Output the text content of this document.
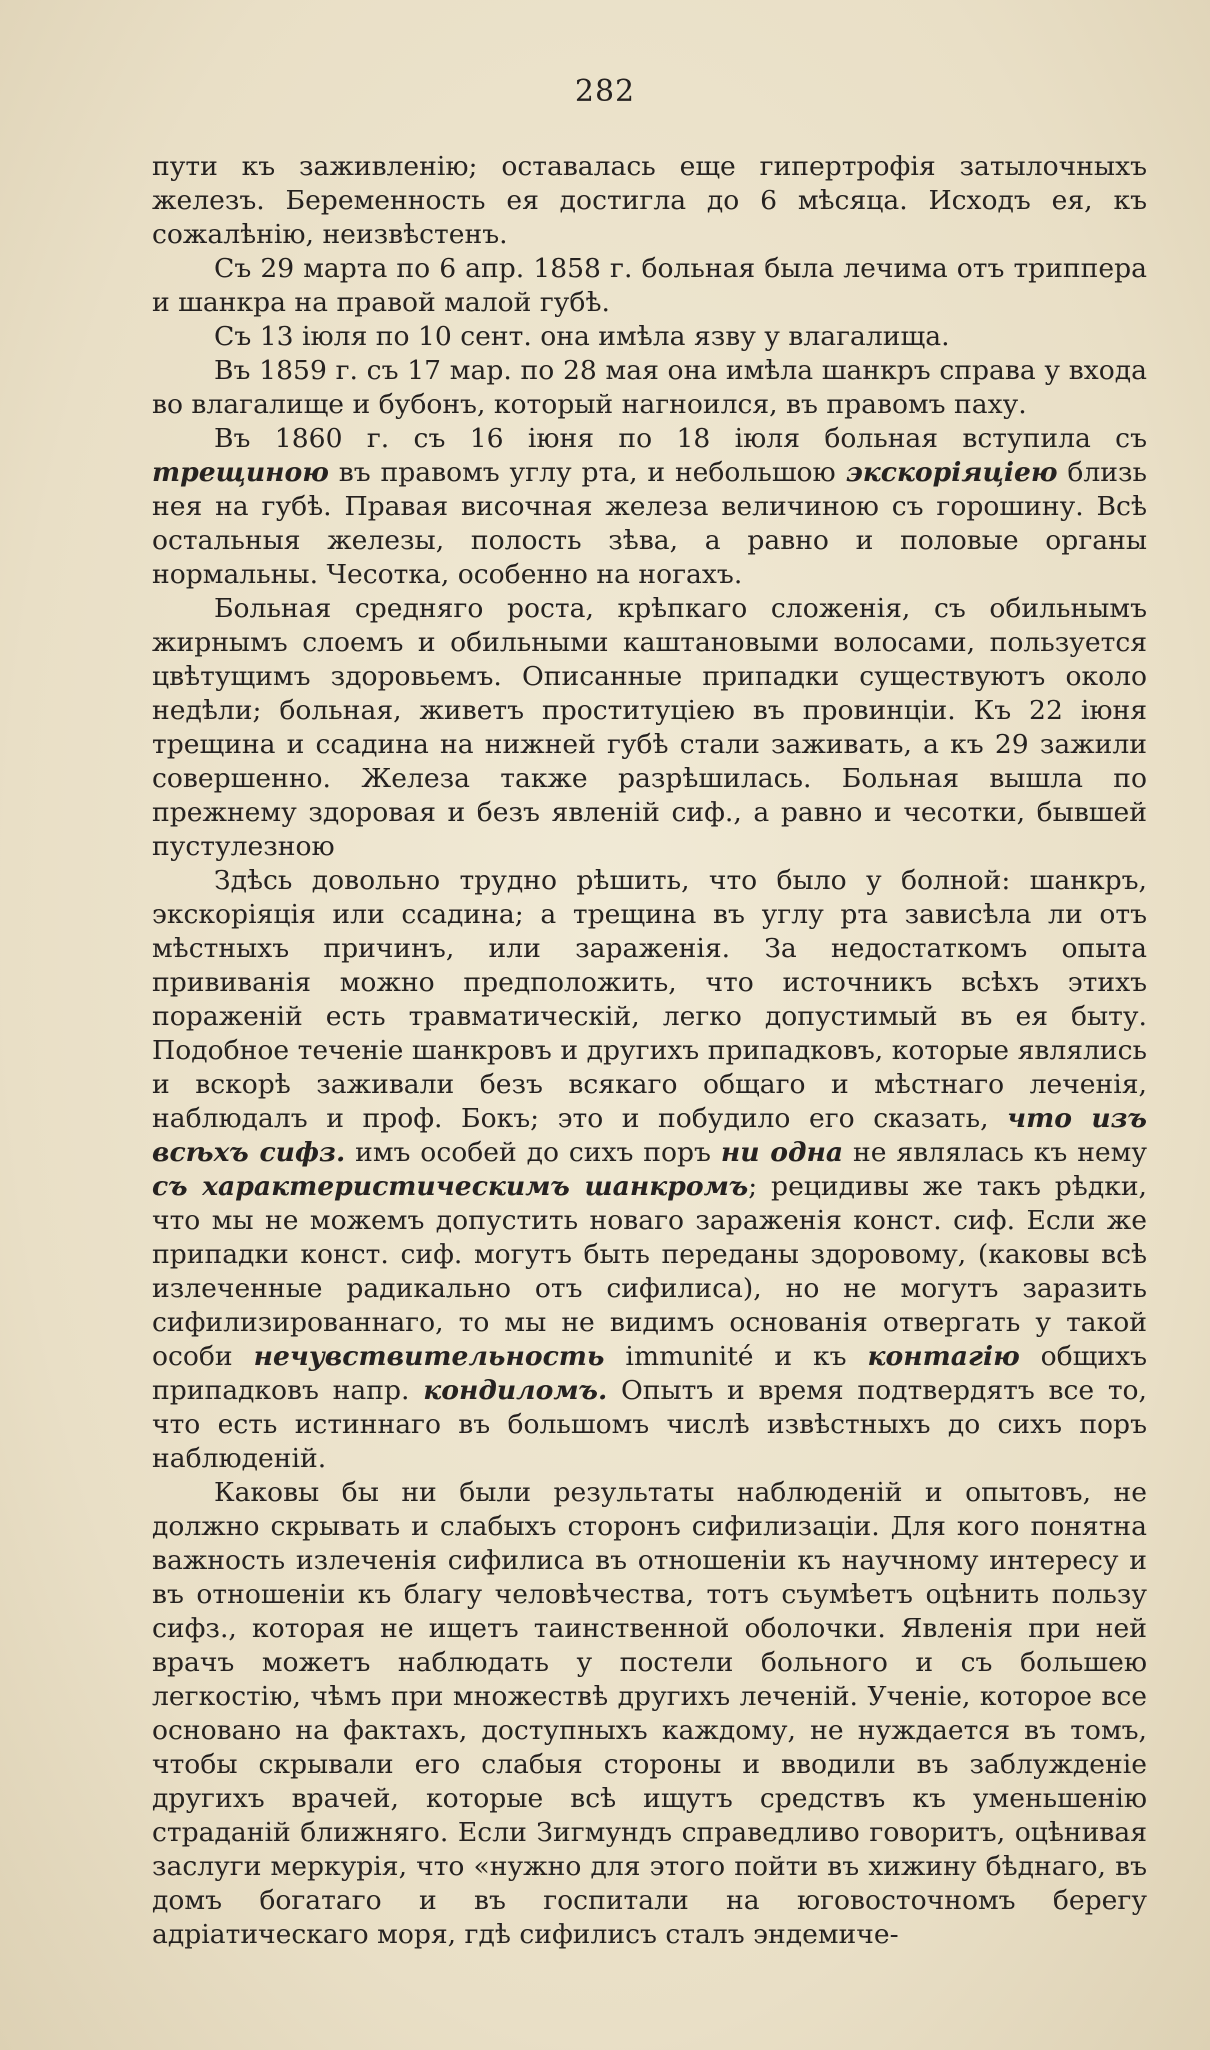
282

пути къ заживленію; оставалась еще гипертрофія затылочныхъ железъ. Беременность ея достигла до 6 мѣсяца. Исходъ ея, къ сожалѣнію, неизвѣстенъ.

Съ 29 марта по 6 апр. 1858 г. больная была лечима отъ триппера и шанкра на правой малой губѣ.

Съ 13 іюля по 10 сент. она имѣла язву у влагалища.

Въ 1859 г. съ 17 мар. по 28 мая она имѣла шанкръ справа у входа во влагалище и бубонъ, который нагноился, въ правомъ паху.

Въ 1860 г. съ 16 іюня по 18 іюля больная вступила съ трещиною въ правомъ углу рта, и небольшою экскоріяціею близь нея на губѣ. Правая височная железа величиною съ горошину. Всѣ остальныя железы, полость зѣва, а равно и половые органы нормальны. Чесотка, особенно на ногахъ.

Больная средняго роста, крѣпкаго сложенія, съ обильнымъ жирнымъ слоемъ и обильными каштановыми волосами, пользуется цвѣтущимъ здоровьемъ. Описанные припадки существуютъ около недѣли; больная, живетъ проституціею въ провинціи. Къ 22 іюня трещина и ссадина на нижней губѣ стали заживать, а къ 29 зажили совершенно. Железа также разрѣшилась. Больная вышла по прежнему здоровая и безъ явленій сиф., а равно и чесотки, бывшей пустулезною

Здѣсь довольно трудно рѣшить, что было у болной: шанкръ, экскоріяція или ссадина; а трещина въ углу рта зависѣла ли отъ мѣстныхъ причинъ, или зараженія. За недостаткомъ опыта прививанія можно предположить, что источникъ всѣхъ этихъ пораженій есть травматическій, легко допустимый въ ея быту. Подобное теченіе шанкровъ и другихъ припадковъ, которые являлись и вскорѣ заживали безъ всякаго общаго и мѣстнаго леченія, наблюдалъ и проф. Бокъ; это и побудило его сказать, что изъ всѣхъ сифз. имъ особей до сихъ поръ ни одна не являлась къ нему съ характеристическимъ шанкромъ; рецидивы же такъ рѣдки, что мы не можемъ допустить новаго зараженія конст. сиф. Если же припадки конст. сиф. могутъ быть переданы здоровому, (каковы всѣ излеченные радикально отъ сифилиса), но не могутъ заразить сифилизированнаго, то мы не видимъ основанія отвергать у такой особи нечувствительность immunité и къ контагію общихъ припадковъ напр. кондиломъ. Опытъ и время подтвердятъ все то, что есть истиннаго въ большомъ числѣ извѣстныхъ до сихъ поръ наблюденій.

Каковы бы ни были результаты наблюденій и опытовъ, не должно скрывать и слабыхъ сторонъ сифилизаціи. Для кого понятна важность излеченія сифилиса въ отношеніи къ научному интересу и въ отношеніи къ благу человѣчества, тотъ съумѣетъ оцѣнить пользу сифз., которая не ищетъ таинственной оболочки. Явленія при ней врачъ можетъ наблюдать у постели больного и съ большею легкостію, чѣмъ при множествѣ другихъ леченій. Ученіе, которое все основано на фактахъ, доступныхъ каждому, не нуждается въ томъ, чтобы скрывали его слабыя стороны и вводили въ заблужденіе другихъ врачей, которые всѣ ищутъ средствъ къ уменьшенію страданій ближняго. Если Зигмундъ справедливо говоритъ, оцѣнивая заслуги меркурія, что «нужно для этого пойти въ хижину бѣднаго, въ домъ богатаго и въ госпитали на юговосточномъ берегу адріатическаго моря, гдѣ сифилисъ сталъ эндемиче-
